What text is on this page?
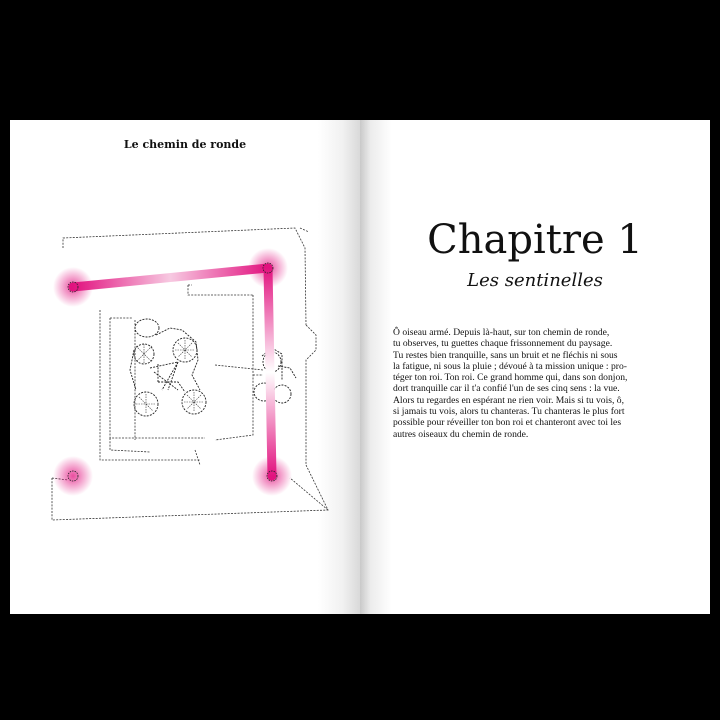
Le chemin de ronde
Chapitre 1
Les sentinelles

Ô oiseau armé. Depuis là-haut, sur ton chemin de ronde,
tu observes, tu guettes chaque frissonnement du paysage.
Tu restes bien tranquille, sans un bruit et ne fléchis ni sous
la fatigue, ni sous la pluie ; dévoué à ta mission unique : pro-
téger ton roi. Ton roi. Ce grand homme qui, dans son donjon,
dort tranquille car il t'a confié l'un de ses cinq sens : la vue.
Alors tu regardes en espérant ne rien voir. Mais si tu vois, ô,
si jamais tu vois, alors tu chanteras. Tu chanteras le plus fort
possible pour réveiller ton bon roi et chanteront avec toi les
autres oiseaux du chemin de ronde.
